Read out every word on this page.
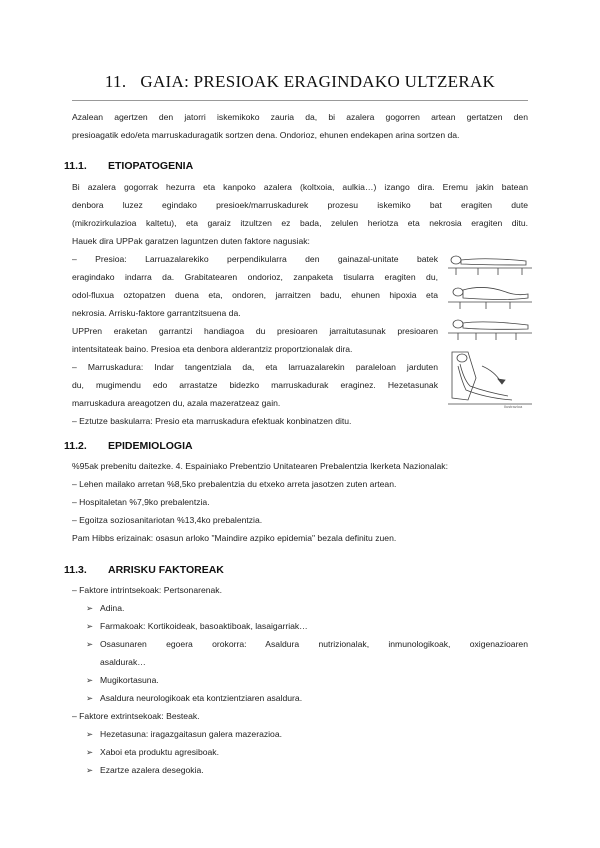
11. GAIA: PRESIOAK ERAGINDAKO ULTZERAK
Azalean agertzen den jatorri iskemikoko zauria da, bi azalera gogorren artean gertatzen den
presioagatik edo/eta marruskaduragatik sortzen dena. Ondorioz, ehunen endekapen arina sortzen da.
11.1. ETIOPATOGENIA
Bi azalera gogorrak hezurra eta kanpoko azalera (koltxoia, aulkia…) izango dira. Eremu jakin batean
denbora luzez egindako presioek/marruskadurek prozesu iskemiko bat eragiten dute
(mikrozirkulazioa kaltetu), eta garaiz itzultzen ez bada, zelulen heriotza eta nekrosia eragiten ditu.
Hauek dira UPPak garatzen laguntzen duten faktore nagusiak:
– Presioa: Larruazalarekiko perpendikularra den gainazal-unitate batek
eragindako indarra da. Grabitatearen ondorioz, zanpaketa tisularra eragiten du,
odol-fluxua oztopatzen duena eta, ondoren, jarraitzen badu, ehunen hipoxia eta
nekrosia. Arrisku-faktore garrantzitsuena da.
UPPren eraketan garrantzi handiagoa du presioaren jarraitutasunak presioaren
intentsitateak baino. Presioa eta denbora alderantziz proportzionalak dira.
– Marruskadura: Indar tangentziala da, eta larruazalarekin paraleloan jarduten
du, mugimendu edo arrastatze bidezko marruskadurak eraginez. Hezetasunak
marruskadura areagotzen du, azala mazeratzeaz gain.
– Eztutze baskularra: Presio eta marruskadura efektuak konbinatzen ditu.
Ilustrazioa
11.2. EPIDEMIOLOGIA
%95ak prebenitu daitezke. 4. Espainiako Prebentzio Unitatearen Prebalentzia Ikerketa Nazionalak:
– Lehen mailako arretan %8,5ko prebalentzia du etxeko arreta jasotzen zuten artean.
– Hospitaletan %7,9ko prebalentzia.
– Egoitza soziosanitariotan %13,4ko prebalentzia.
Pam Hibbs erizainak: osasun arloko "Maindire azpiko epidemia" bezala definitu zuen.
11.3. ARRISKU FAKTOREAK
– Faktore intrintsekoak: Pertsonarenak.
➢ Adina.
➢ Farmakoak: Kortikoideak, basoaktiboak, lasaigarriak…
➢ Osasunaren egoera orokorra: Asaldura nutrizionalak, inmunologikoak, oxigenazioaren
asaldurak…
➢ Mugikortasuna.
➢ Asaldura neurologikoak eta kontzientziaren asaldura.
– Faktore extrintsekoak: Besteak.
➢ Hezetasuna: iragazgaitasun galera mazerazioa.
➢ Xaboi eta produktu agresiboak.
➢ Ezartze azalera desegokia.
